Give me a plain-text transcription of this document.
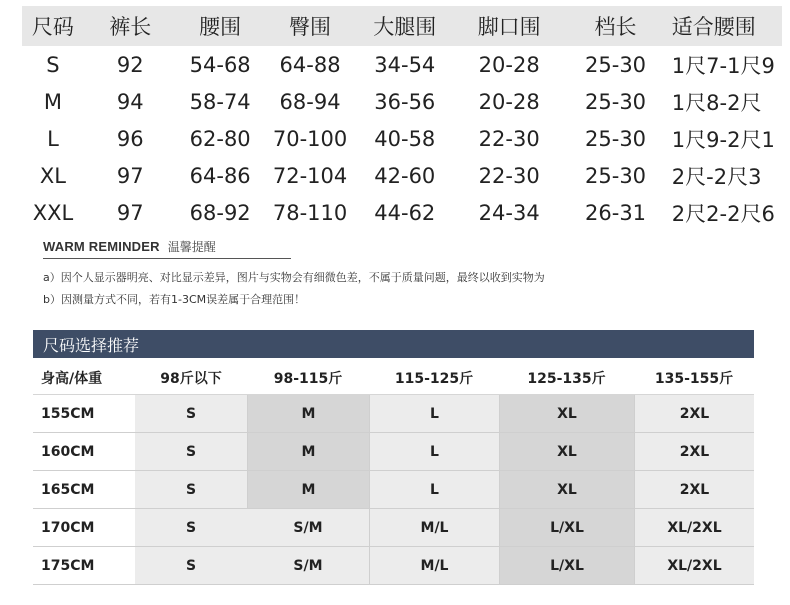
尺码	裤长	腰围	臀围	大腿围	脚口围	档长	适合腰围
S	92	54-68	64-88	34-54	20-28	25-30	1尺7-1尺9
M	94	58-74	68-94	36-56	20-28	25-30	1尺8-2尺
L	96	62-80	70-100	40-58	22-30	25-30	1尺9-2尺1
XL	97	64-86	72-104	42-60	22-30	25-30	2尺-2尺3
XXL	97	68-92	78-110	44-62	24-34	26-31	2尺2-2尺6
WARM REMINDER 温馨提醒
a）因个人显示器明亮、对比显示差异，图片与实物会有细微色差，不属于质量问题，最终以收到实物为
b）因测量方式不同，若有1-3CM误差属于合理范围！
尺码选择推荐
身高/体重	98斤以下	98-115斤	115-125斤	125-135斤	135-155斤
155CM	S	M	L	XL	2XL
160CM	S	M	L	XL	2XL
165CM	S	M	L	XL	2XL
170CM	S	S/M	M/L	L/XL	XL/2XL
175CM	S	S/M	M/L	L/XL	XL/2XL
